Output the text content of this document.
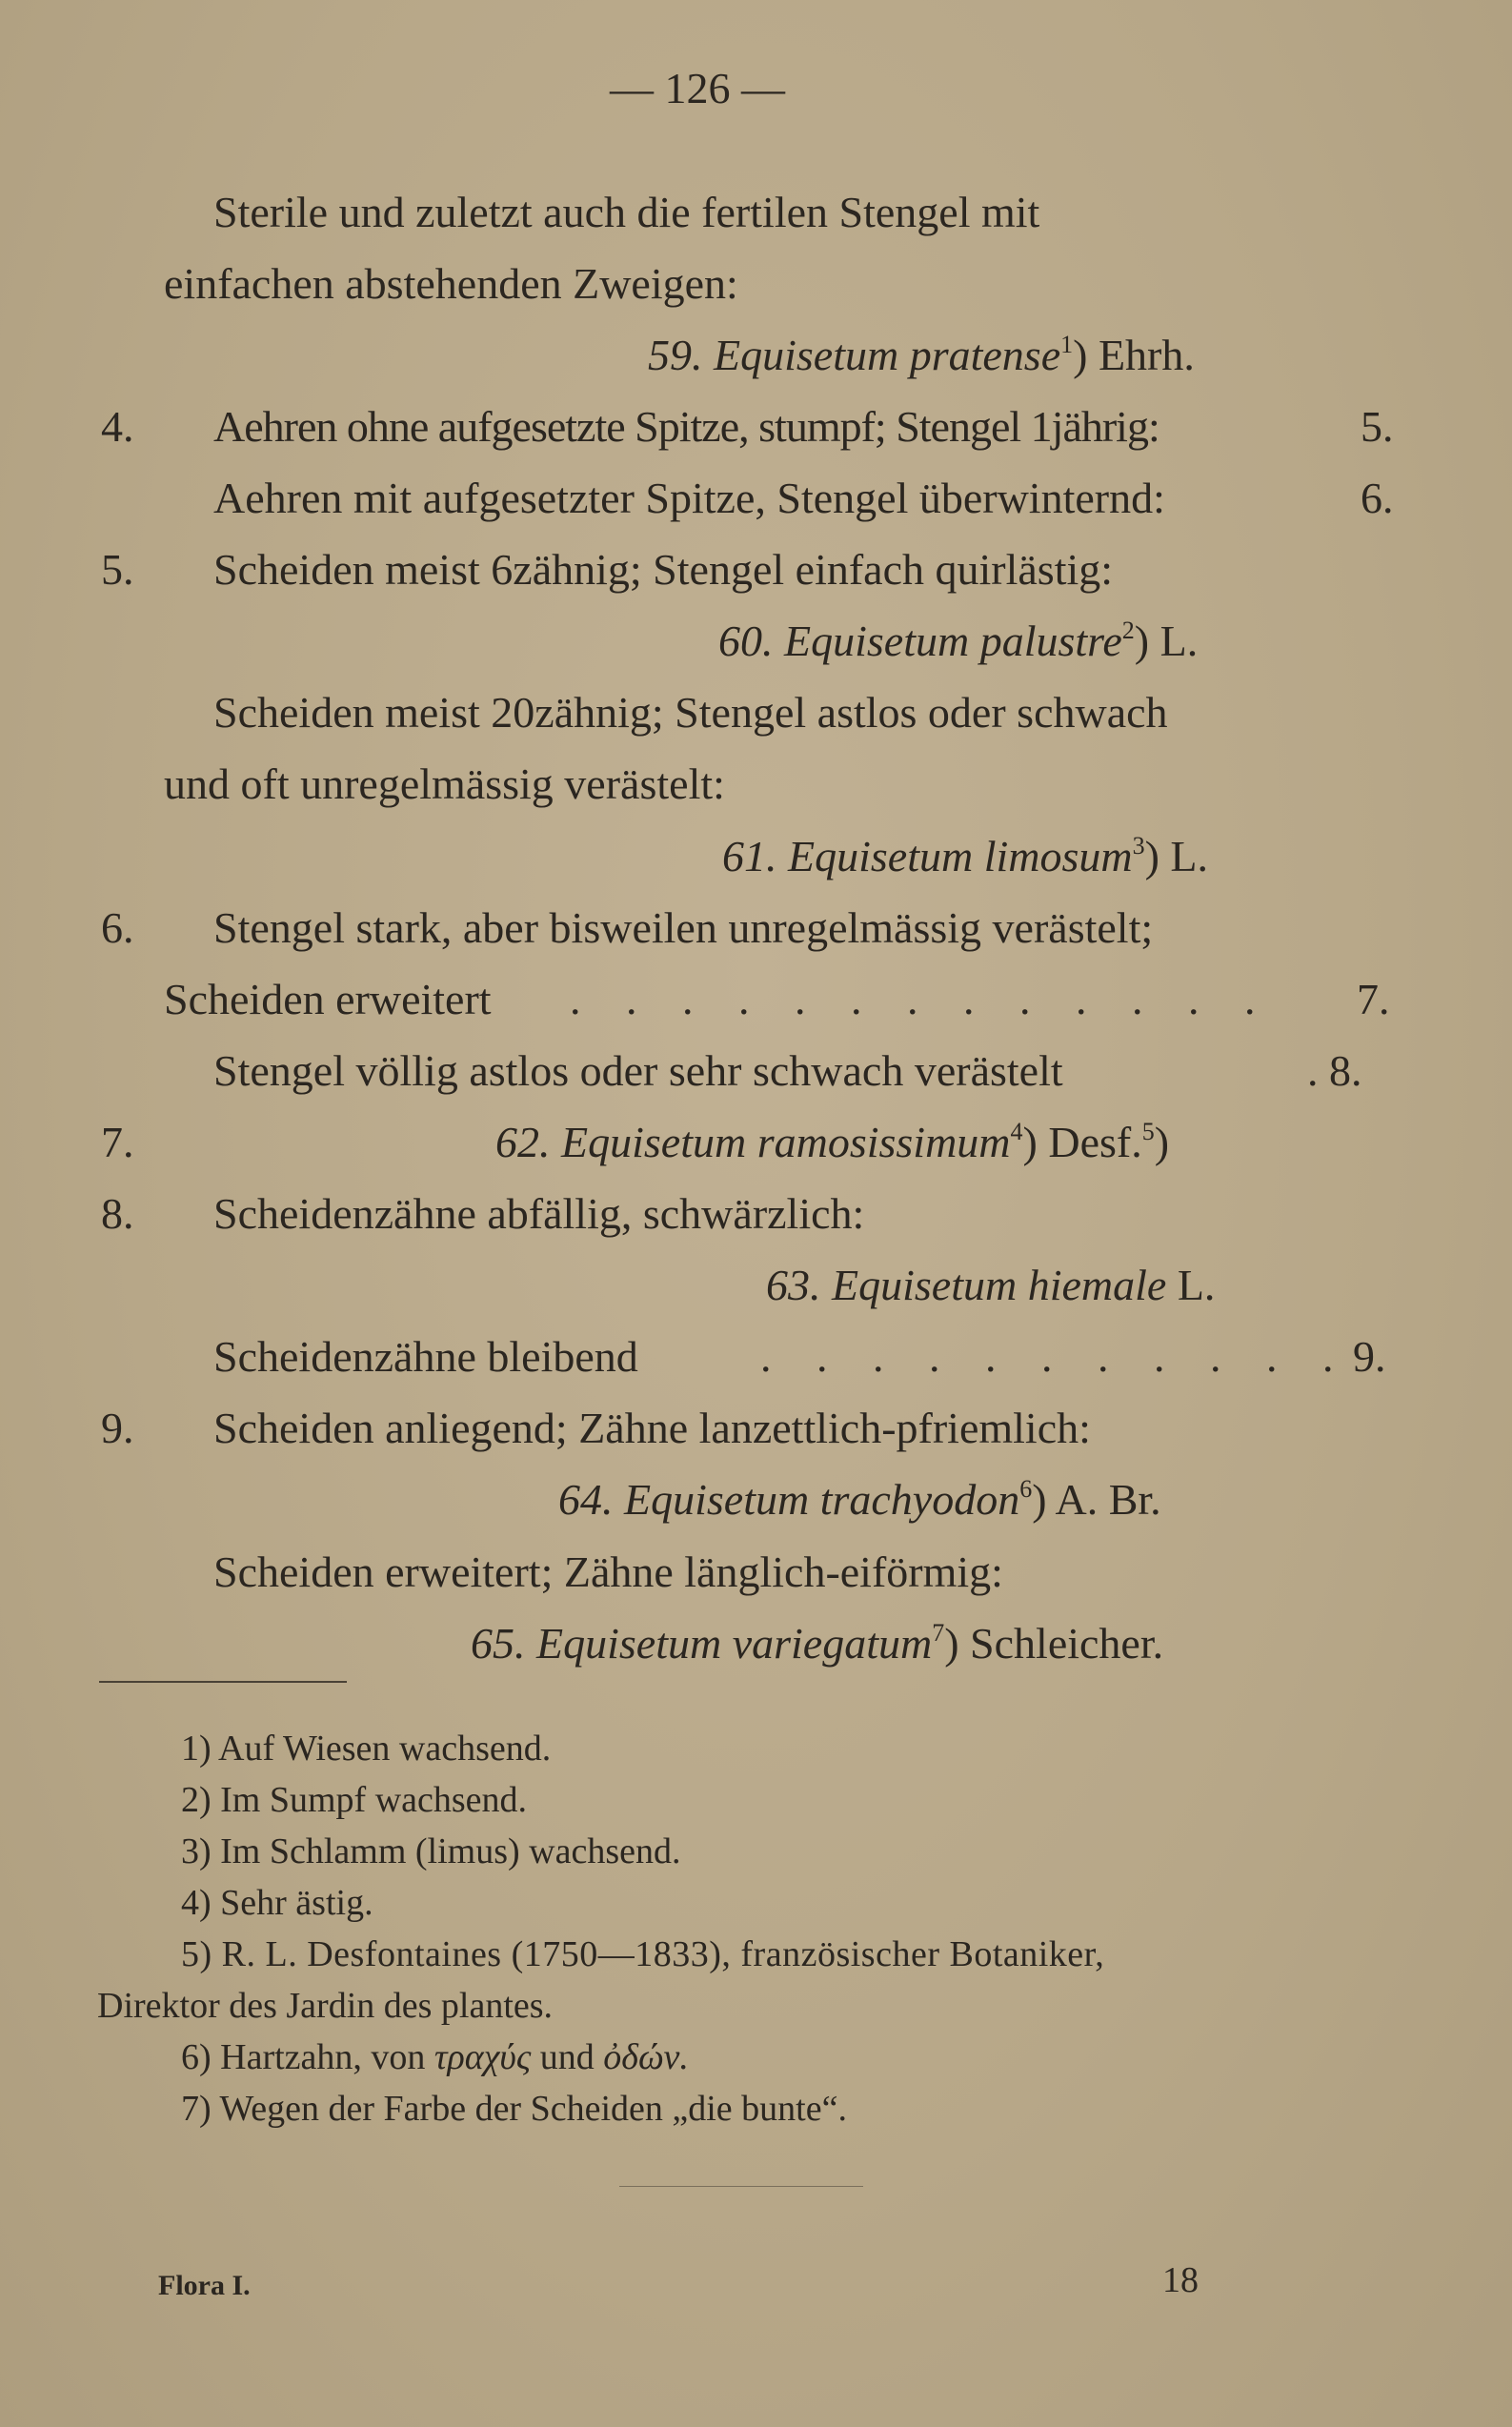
— 126 —
Sterile und zuletzt auch die fertilen Stengel mit
einfachen abstehenden Zweigen:
59. Equisetum pratense$^1$) Ehrh.
4. Aehren ohne aufgesetzte Spitze, stumpf; Stengel 1jährig:	5.
Aehren mit aufgesetzter Spitze, Stengel überwinternd:	6.
5. Scheiden meist 6zähnig; Stengel einfach quirlästig:
60. Equisetum palustre$^2$) L.
Scheiden meist 20zähnig; Stengel astlos oder schwach
und oft unregelmässig verästelt:
61. Equisetum limosum$^3$) L.
6. Stengel stark, aber bisweilen unregelmässig verästelt;
Scheiden erweitert . . . . . . . . . . . . . 7.
Stengel völlig astlos oder sehr schwach verästelt	. 8.
7.	62. Equisetum ramosissimum$^4$) Desf.$^5$)
8. Scheidenzähne abfällig, schwärzlich:
63. Equisetum hiemale L.
Scheidenzähne bleibend	. . . . . . . . . . . 9.
9. Scheiden anliegend; Zähne lanzettlich-pfriemlich:
64. Equisetum trachyodon$^6$) A. Br.
Scheiden erweitert; Zähne länglich-eiförmig:
65. Equisetum variegatum$^7$) Schleicher.
1) Auf Wiesen wachsend.
2) Im Sumpf wachsend.
3) Im Schlamm (limus) wachsend.
4) Sehr ästig.
5) R. L. Desfontaines (1750—1833), französischer Botaniker,
Direktor des Jardin des plantes.
6) Hartzahn, von τραχύς und ὀδών.
7) Wegen der Farbe der Scheiden „die bunte“.
Flora I.	18
